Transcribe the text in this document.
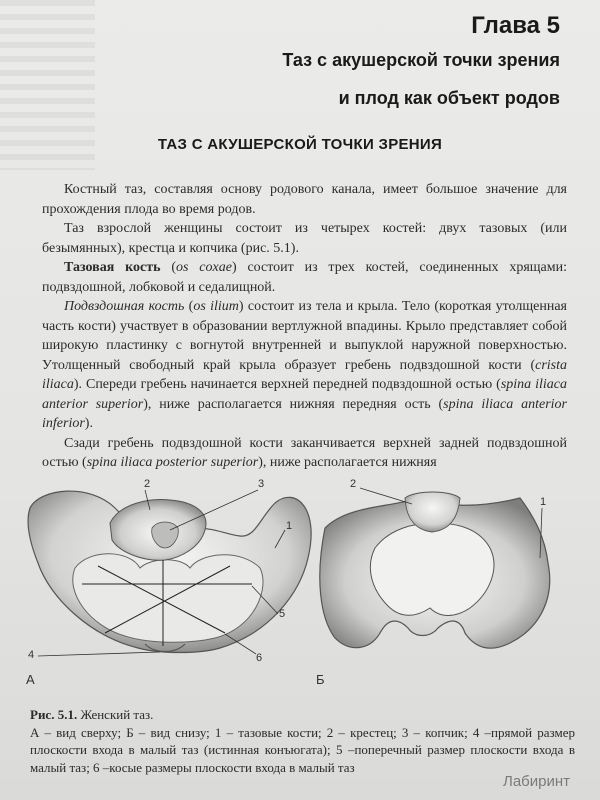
Глава 5
Таз с акушерской точки зрения
и плод как объект родов
ТАЗ С АКУШЕРСКОЙ ТОЧКИ ЗРЕНИЯ

Костный таз, составляя основу родового канала, имеет большое значение для прохождения плода во время родов.

Таз взрослой женщины состоит из четырех костей: двух тазовых (или безымянных), крестца и копчика (рис. 5.1).

Тазовая кость (os coxae) состоит из трех костей, соединенных хрящами: подвздошной, лобковой и седалищной.

Подвздошная кость (os ilium) состоит из тела и крыла. Тело (короткая утолщенная часть кости) участвует в образовании вертлужной впадины. Крыло представляет собой широкую пластинку с вогнутой внутренней и выпуклой наружной поверхностью. Утолщенный свободный край крыла образует гребень подвздошной кости (crista iliaca). Спереди гребень начинается верхней передней подвздошной остью (spina iliaca anterior superior), ниже располагается нижняя передняя ость (spina iliaca anterior inferior).

Сзади гребень подвздошной кости заканчивается верхней задней подвздошной остью (spina iliaca posterior superior), ниже располагается нижняя

2	3
1
4
5
6
А
2
1
Б
Рис. 5.1. Женский таз.
А – вид сверху; Б – вид снизу; 1 – тазовые кости; 2 – крестец; 3 – копчик; 4 –прямой размер плоскости входа в малый таз (истинная конъюгата); 5 –поперечный размер плоскости входа в малый таз; 6 –косые размеры плоскости входа в малый таз
Лабиринт
